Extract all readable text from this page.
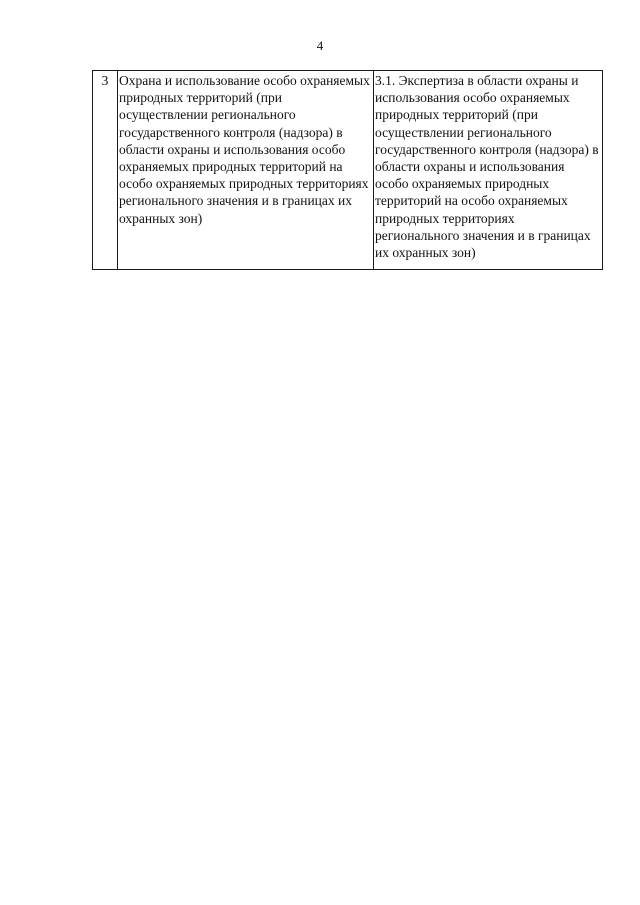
4
3	Охрана и использование особо охраняемых природных территорий (при осуществлении регионального государственного контроля (надзора) в области охраны и использования особо охраняемых природных территорий на особо охраняемых природных территориях регионального значения и в границах их охранных зон)	3.1. Экспертиза в области охраны и использования особо охраняемых природных территорий (при осуществлении регионального государственного контроля (надзора) в области охраны и использования особо охраняемых природных территорий на особо охраняемых природных территориях регионального значения и в границах их охранных зон)
